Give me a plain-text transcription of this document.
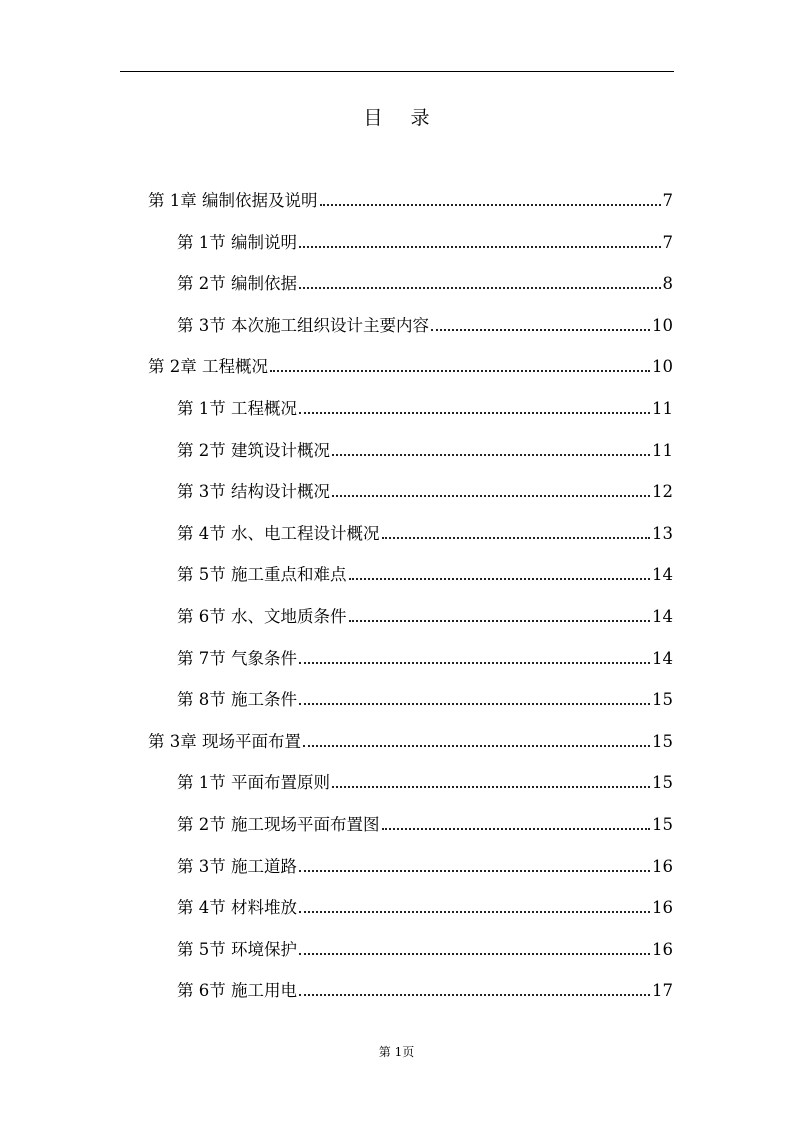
目 录
第 1章 编制依据及说明	7
第 1节 编制说明	7
第 2节 编制依据	8
第 3节 本次施工组织设计主要内容	10
第 2章 工程概况	10
第 1节 工程概况	11
第 2节 建筑设计概况	11
第 3节 结构设计概况	12
第 4节 水、电工程设计概况	13
第 5节 施工重点和难点	14
第 6节 水、文地质条件	14
第 7节 气象条件	14
第 8节 施工条件	15
第 3章 现场平面布置	15
第 1节 平面布置原则	15
第 2节 施工现场平面布置图	15
第 3节 施工道路	16
第 4节 材料堆放	16
第 5节 环境保护	16
第 6节 施工用电	17
第 1页
